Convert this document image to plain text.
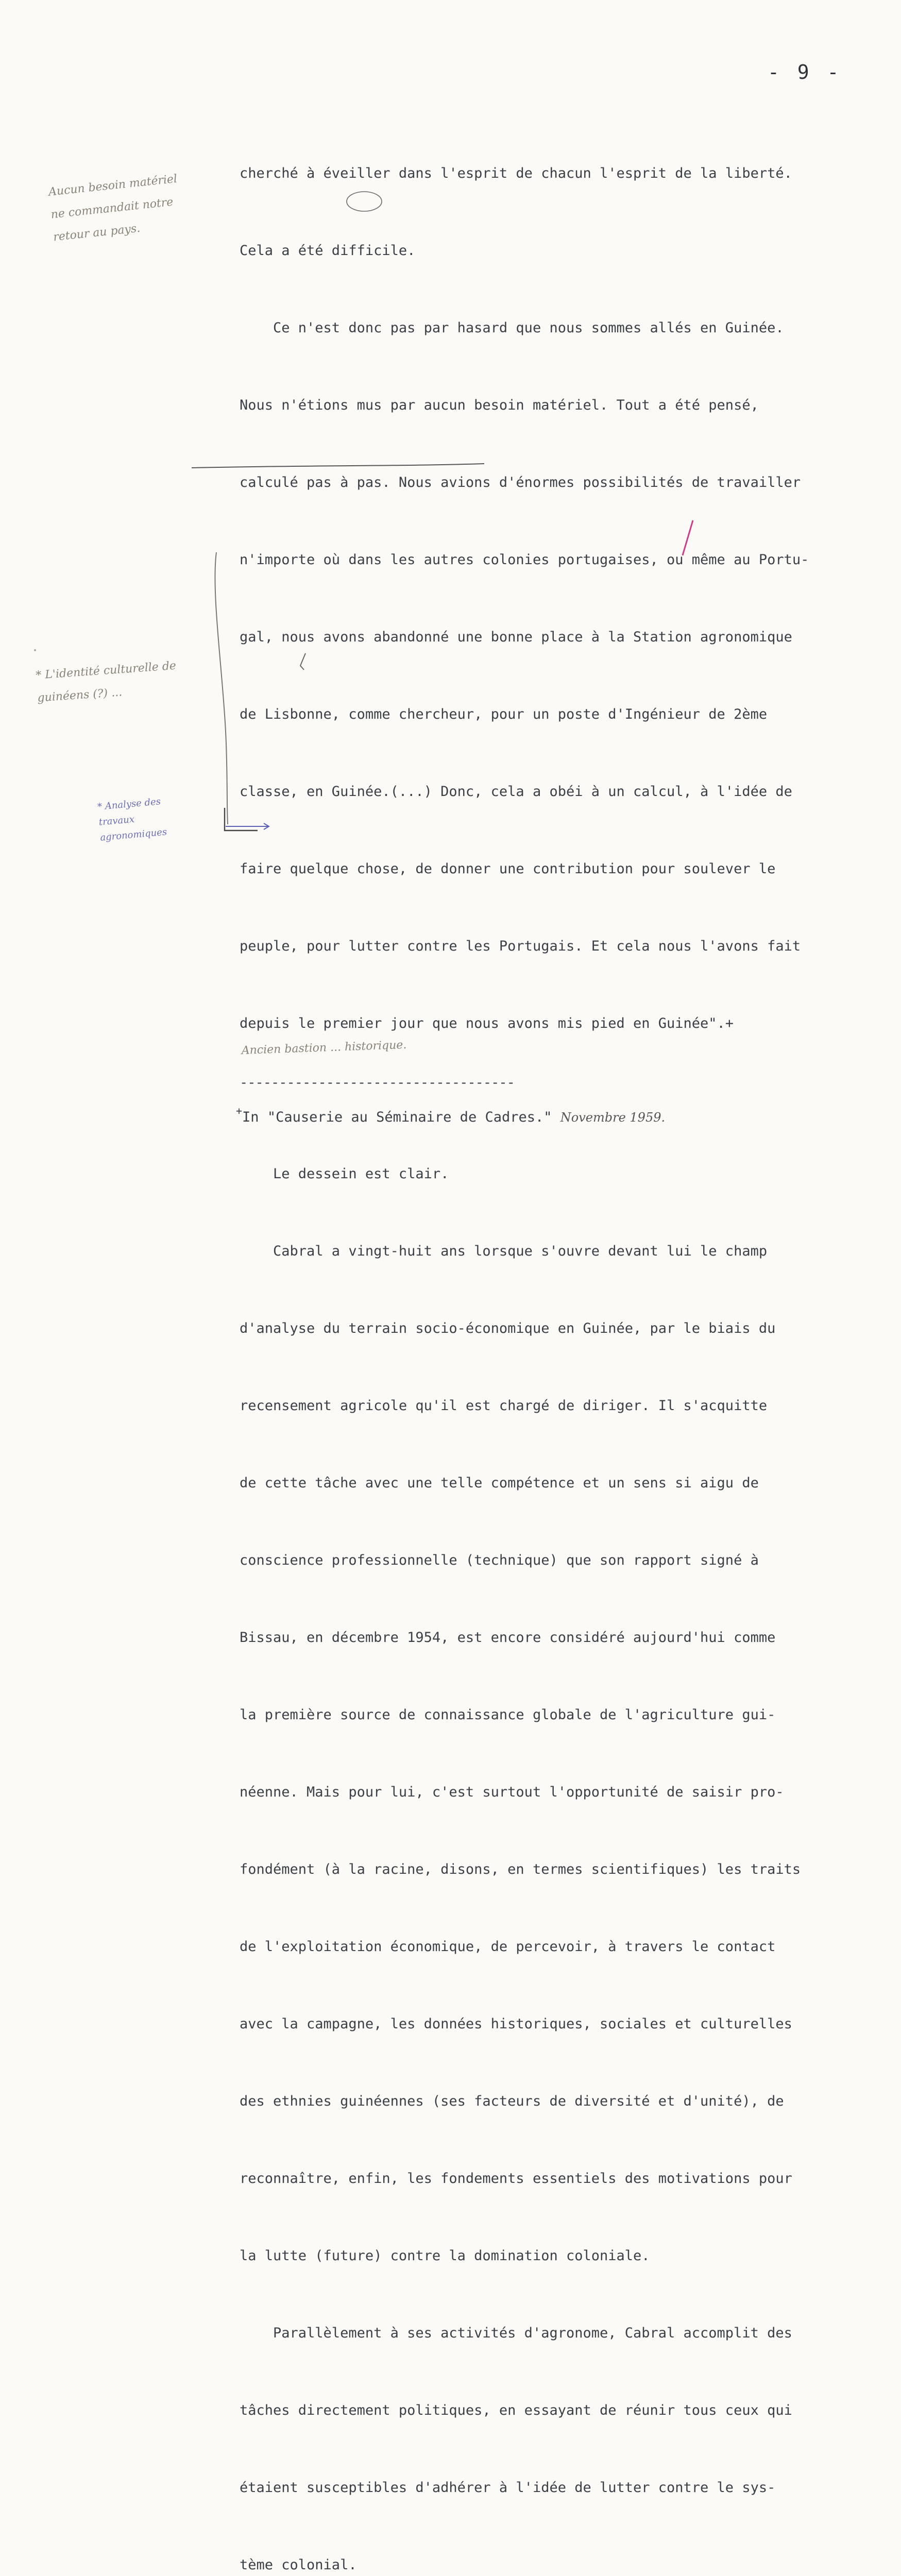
- 9 -

cherché à éveiller dans l'esprit de chacun l'esprit de la liberté.

Cela a été difficile.

Ce n'est donc pas par hasard que nous sommes allés en Guinée.

Nous n'étions mus par aucun besoin matériel. Tout a été pensé,

calculé pas à pas. Nous avions d'énormes possibilités de travailler

n'importe où dans les autres colonies portugaises, ou même au Portu-

gal, nous avons abandonné une bonne place à la Station agronomique

de Lisbonne, comme chercheur, pour un poste d'Ingénieur de 2ème

classe, en Guinée.(...) Donc, cela a obéi à un calcul, à l'idée de

faire quelque chose, de donner une contribution pour soulever le

peuple, pour lutter contre les Portugais. Et cela nous l'avons fait

depuis le premier jour que nous avons mis pied en Guinée".+

Le dessein est clair.

Cabral a vingt-huit ans lorsque s'ouvre devant lui le champ

d'analyse du terrain socio-économique en Guinée, par le biais du

recensement agricole qu'il est chargé de diriger. Il s'acquitte

de cette tâche avec une telle compétence et un sens si aigu de

conscience professionnelle (technique) que son rapport signé à

Bissau, en décembre 1954, est encore considéré aujourd'hui comme

la première source de connaissance globale de l'agriculture gui-

néenne. Mais pour lui, c'est surtout l'opportunité de saisir pro-

fondément (à la racine, disons, en termes scientifiques) les traits

de l'exploitation économique, de percevoir, à travers le contact

avec la campagne, les données historiques, sociales et culturelles

des ethnies guinéennes (ses facteurs de diversité et d'unité), de

reconnaître, enfin, les fondements essentiels des motivations pour

la lutte (future) contre la domination coloniale.

Parallèlement à ses activités d'agronome, Cabral accomplit des

tâches directement politiques, en essayant de réunir tous ceux qui

étaient susceptibles d'adhérer à l'idée de lutter contre le sys-

tème colonial.

Aucun besoin matériel
ne commandait notre
retour au pays.
* L'identité culturelle de
guinéens (?) ...
* Analyse des
travaux
agronomiques
Ancien bastion ... historique.
-----------------------------------
+In "Causerie au Séminaire de Cadres." Novembre 1959.
